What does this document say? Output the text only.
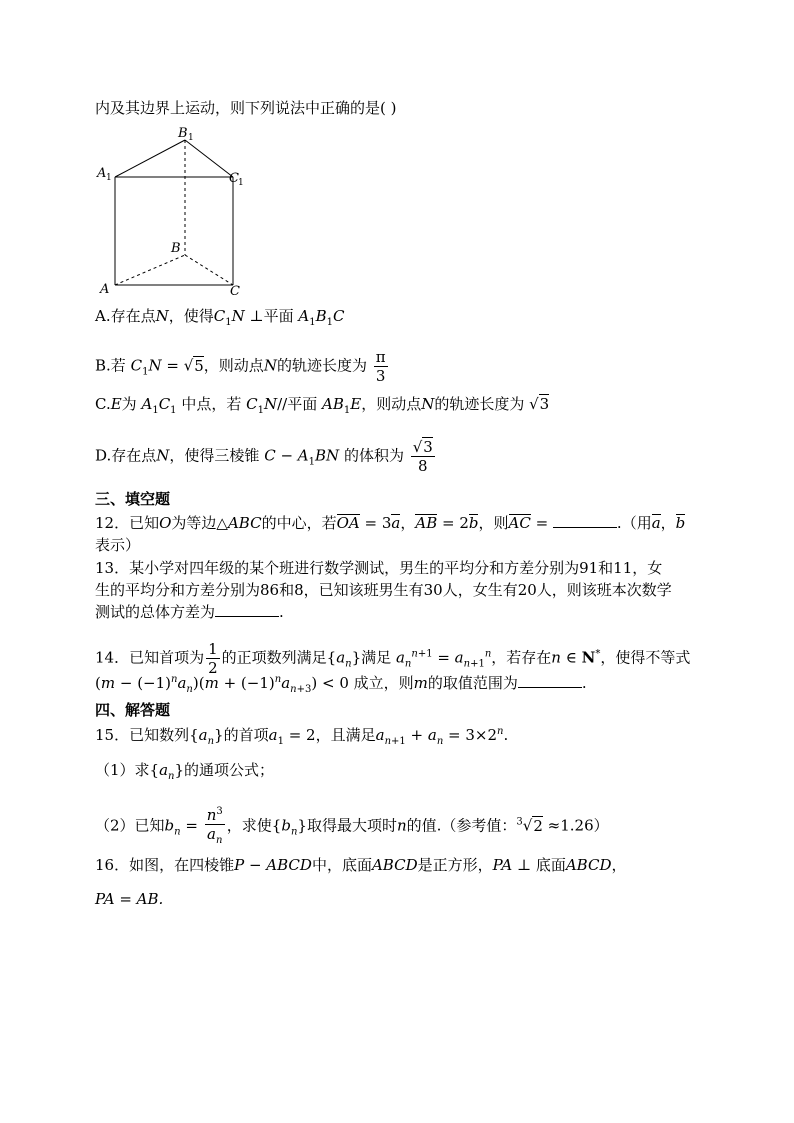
内及其边界上运动，则下列说法中正确的是( )
B 1
A 1	C 1
B
A	C
A.存在点N，使得$C_1N$ ⊥平面 $A_1B_1C$
B.若 $C_1N = √5$，则动点N的轨迹长度为 $\frac{\pi}{3}$
C.E为 $A_1C_1$ 中点，若 $C_1N//$平面 $AB_1E$，则动点N的轨迹长度为 √3
D.存在点N，使得三棱锥 $C - A_1BN$ 的体积为 $\frac{√3}{8}$
三、填空题
12．已知O为等边△ABC的中心，若OA = 3a，AB = 2b，则AC =	.（用a，b
表示）
13．某小学对四年级的某个班进行数学测试，男生的平均分和方差分别为91和11，女
生的平均分和方差分别为86和8，已知该班男生有30人，女生有20人，则该班本次数学
测试的总体方差为	.
14．已知首项为 $\frac{1}{2}$ 的正项数列满足$\{a_n\}$满足 $a_n^{n+1} = a_{n+1}^n$，若存在n ∈ N*，使得不等式
$(m - (-1)^na_n)(m + (-1)^na_{n+3}) < 0$ 成立，则m的取值范围为	.
四、解答题
15．已知数列$\{a_n\}$的首项$a_1 = 2$，且满足$a_{n+1} + a_n = 3\times 2^n$.
（1）求$\{a_n\}$的通项公式；
（2）已知$b_n = \frac{n^3}{a_n}$ ，求使$\{b_n\}$取得最大项时n的值.（参考值：$^3$√2 ≈1.26）
16．如图，在四棱锥P − ABCD中，底面ABCD是正方形，PA ⊥ 底面ABCD，
PA = AB.
